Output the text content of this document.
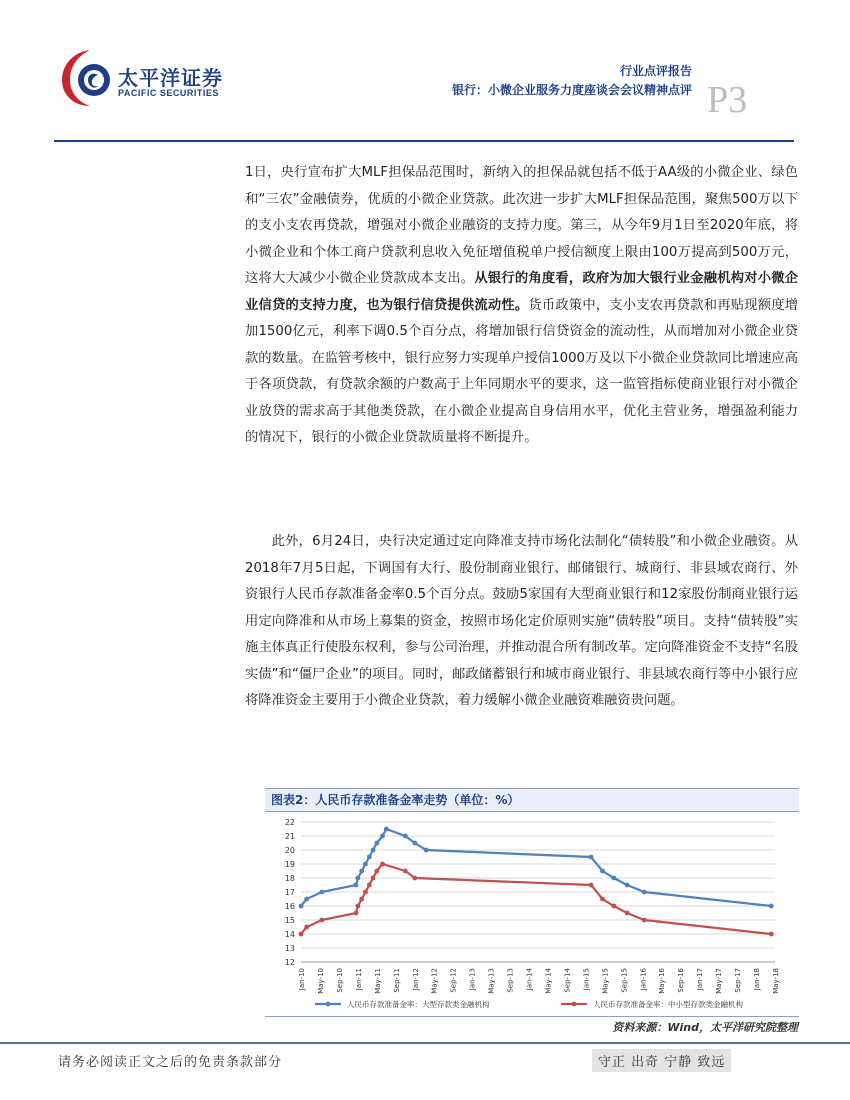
太平洋证券
PACIFIC SECURITIES
行业点评报告
银行：小微企业服务力度座谈会会议精神点评 P3

1日，央行宣布扩大MLF担保品范围时，新纳入的担保品就包括不低于AA级的小微企业、绿色和“三农”金融债券，优质的小微企业贷款。此次进一步扩大MLF担保品范围，聚焦500万以下的支小支农再贷款，增强对小微企业融资的支持力度。第三，从今年9月1日至2020年底，将小微企业和个体工商户贷款利息收入免征增值税单户授信额度上限由100万提高到500万元，这将大大减少小微企业贷款成本支出。从银行的角度看，政府为加大银行业金融机构对小微企业信贷的支持力度，也为银行信贷提供流动性。货币政策中，支小支农再贷款和再贴现额度增加1500亿元，利率下调0.5个百分点，将增加银行信贷资金的流动性，从而增加对小微企业贷款的数量。在监管考核中，银行应努力实现单户授信1000万及以下小微企业贷款同比增速应高于各项贷款，有贷款余额的户数高于上年同期水平的要求，这一监管指标使商业银行对小微企业放贷的需求高于其他类贷款，在小微企业提高自身信用水平，优化主营业务，增强盈利能力的情况下，银行的小微企业贷款质量将不断提升。

此外，6月24日，央行决定通过定向降准支持市场化法制化“债转股”和小微企业融资。从2018年7月5日起，下调国有大行、股份制商业银行、邮储银行、城商行、非县域农商行、外资银行人民币存款准备金率0.5个百分点。鼓励5家国有大型商业银行和12家股份制商业银行运用定向降准和从市场上募集的资金，按照市场化定价原则实施“债转股”项目。支持“债转股”实施主体真正行使股东权利，参与公司治理，并推动混合所有制改革。定向降准资金不支持“名股实债”和“僵尸企业”的项目。同时，邮政储蓄银行和城市商业银行、非县域农商行等中小银行应将降准资金主要用于小微企业贷款，着力缓解小微企业融资难融资贵问题。

图表2：人民币存款准备金率走势（单位：%）
12
13
14
15
16
17
18
19
20
21
22
Jan-10 May-10 Sep-10 Jan-11 May-11 Sep-11 Jan-12 May-12 Sep-12 Jan-13 May-13 Sep-13 Jan-14 May-14 Sep-14 Jan-15 May-15 Sep-15 Jan-16 May-16 Sep-16 Jan-17 May-17 Sep-17 Jan-18 May-18
人民币存款准备金率：大型存款类金融机构	人民币存款准备金率：中小型存款类金融机构
资料来源：Wind，太平洋研究院整理
请务必阅读正文之后的免责条款部分	守正 出奇 宁静 致远
